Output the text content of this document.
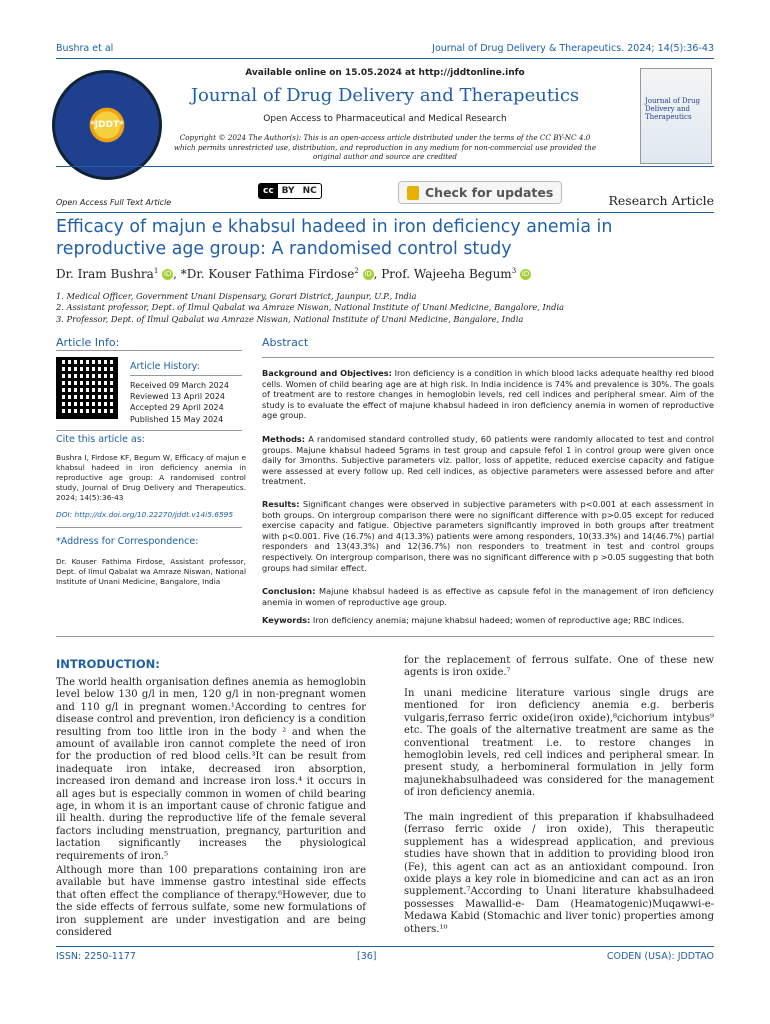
Bushra et al	Journal of Drug Delivery & Therapeutics. 2024; 14(5):36-43
*JDDT*
Available online on 15.05.2024 at http://jddtonline.info
Journal of Drug Delivery and Therapeutics
Open Access to Pharmaceutical and Medical Research
Copyright © 2024 The Author(s): This is an open-access article distributed under the terms of the CC BY-NC 4.0 which permits unrestricted use, distribution, and reproduction in any medium for non-commercial use provided the original author and source are credited
Journal of Drug Delivery and Therapeutics
Open Access Full Text Article
cc BY NC	Check for updates
Research Article
Efficacy of majun e khabsul hadeed in iron deficiency anemia in reproductive age group: A randomised control study
Dr. Iram Bushra$^1$ iD , *Dr. Kouser Fathima Firdose$^2$ iD , Prof. Wajeeha Begum$^3$ iD
1. Medical Officer, Government Unani Dispensary, Gorari District, Jaunpur, U.P., India
2. Assistant professor, Dept. of Ilmul Qabalat wa Amraze Niswan, National Institute of Unani Medicine, Bangalore, India
3. Professor, Dept. of Ilmul Qabalat wa Amraze Niswan, National Institute of Unani Medicine, Bangalore, India
Article Info:
Article History:
Received 09 March 2024
Reviewed 13 April 2024
Accepted 29 April 2024
Published 15 May 2024
Cite this article as:
Bushra I, Firdose KF, Begum W, Efficacy of majun e khabsul hadeed in iron deficiency anemia in reproductive age group: A randomised control study, Journal of Drug Delivery and Therapeutics. 2024; 14(5):36-43
DOI: http://dx.doi.org/10.22270/jddt.v14i5.6595
*Address for Correspondence:
Dr. Kouser Fathima Firdose, Assistant professor, Dept. of Ilmul Qabalat wa Amraze Niswan, National Institute of Unani Medicine, Bangalore, India
Abstract
Background and Objectives: Iron deficiency is a condition in which blood lacks adequate healthy red blood cells. Women of child bearing age are at high risk. In India incidence is 74% and prevalence is 30%. The goals of treatment are to restore changes in hemoglobin levels, red cell indices and peripheral smear. Aim of the study is to evaluate the effect of majune khabsul hadeed in iron deficiency anemia in women of reproductive age group.
Methods: A randomised standard controlled study, 60 patients were randomly allocated to test and control groups. Majune khabsul hadeed 5grams in test group and capsule fefol 1 in control group were given once daily for 3months. Subjective parameters viz. pallor, loss of appetite, reduced exercise capacity and fatigue were assessed at every follow up. Red cell indices, as objective parameters were assessed before and after treatment.
Results: Significant changes were observed in subjective parameters with p<0.001 at each assessment in both groups. On intergroup comparison there were no significant difference with p>0.05 except for reduced exercise capacity and fatigue. Objective parameters significantly improved in both groups after treatment with p<0.001. Five (16.7%) and 4(13.3%) patients were among responders, 10(33.3%) and 14(46.7%) partial responders and 13(43.3%) and 12(36.7%) non responders to treatment in test and control groups respectively. On intergroup comparison, there was no significant difference with p >0.05 suggesting that both groups had similar effect.
Conclusion: Majune khabsul hadeed is as effective as capsule fefol in the management of iron deficiency anemia in women of reproductive age group.
Keywords: Iron deficiency anemia; majune khabsul hadeed; women of reproductive age; RBC indices.
INTRODUCTION:
The world health organisation defines anemia as hemoglobin level below 130 g/l in men, 120 g/l in non-pregnant women and 110 g/l in pregnant women.¹According to centres for disease control and prevention, iron deficiency is a condition resulting from too little iron in the body ² and when the amount of available iron cannot complete the need of iron for the production of red blood cells.³It can be result from inadequate iron intake, decreased iron absorption, increased iron demand and increase iron loss.⁴ it occurs in all ages but is especially common in women of child bearing age, in whom it is an important cause of chronic fatigue and ill health. during the reproductive life of the female several factors including menstruation, pregnancy, parturition and lactation significantly increases the physiological requirements of iron.⁵
Although more than 100 preparations containing iron are available but have immense gastro intestinal side effects that often effect the compliance of therapy.⁶However, due to the side effects of ferrous sulfate, some new formulations of iron supplement are under investigation and are being considered
for the replacement of ferrous sulfate. One of these new agents is iron oxide.⁷
In unani medicine literature various single drugs are mentioned for iron deficiency anemia e.g. berberis vulgaris,ferraso ferric oxide(iron oxide),⁸cichorium intybus⁹ etc. The goals of the alternative treatment are same as the conventional treatment i.e. to restore changes in hemoglobin levels, red cell indices and peripheral smear. In present study, a herbomineral formulation in jelly form majunekhabsulhadeed was considered for the management of iron deficiency anemia.
The main ingredient of this preparation if khabsulhadeed (ferraso ferric oxide / iron oxide), This therapeutic supplement has a widespread application, and previous studies have shown that in addition to providing blood iron (Fe), this agent can act as an antioxidant compound. Iron oxide plays a key role in biomedicine and can act as an iron supplement.⁷According to Unani literature khabsulhadeed possesses Mawallid-e- Dam (Heamatogenic)Muqawwi-e-Medawa Kabid (Stomachic and liver tonic) properties among others.¹⁰
ISSN: 2250-1177	[36]	CODEN (USA): JDDTAO
